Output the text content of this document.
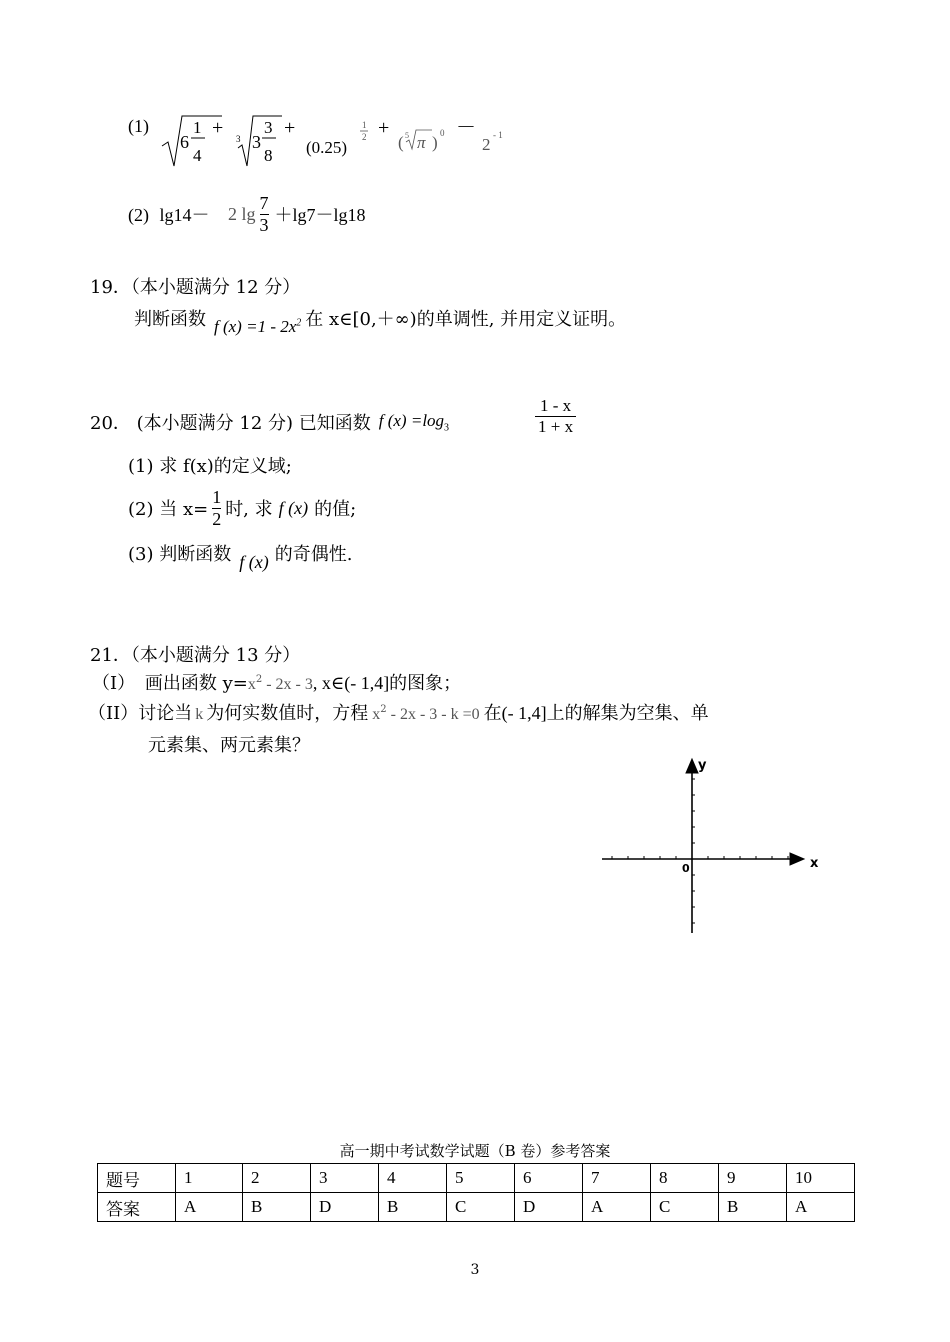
(1)
6
1
4
+ 3 3
3
8
+
(0.25)
1
2 +
( 5 π ) 0 －
2 - 1
(2) lg14－ 2 $\lg \frac{7}{3} +\lg 7-\lg 18$
19．（本小题满分 12 分）
判断函数 f $(x) =1 - 2x^2$ 在 x∈[0,＋∞)的单调性, 并用定义证明。
20． (本小题满分 12 分) 已知函数 f $(x) =\log_3$	$\frac{1 - x}{1 + x}$
(1) 求 f(x)的定义域;
(2) 当 $x= \frac{1}{2}$ 时, 求 f (x) 的值;
(3) 判断函数 f (x) 的奇偶性.
21．（本小题满分 13 分）
（I） 画出函数 $y=x^2 - 2x - 3$, x∈(- 1,4]的图象；
（II）讨论当 k 为何实数值时，方程 $x^2 - 2x - 3 - k =0$ 在(- 1,4]上的解集为空集、单
元素集、两元素集？
x
y
0
高一期中考试数学试题（B 卷）参考答案
题号	1	2	3	4	5	6	7	8	9	10
答案	A	B	D	B	C	D	A	C	B	A
3
